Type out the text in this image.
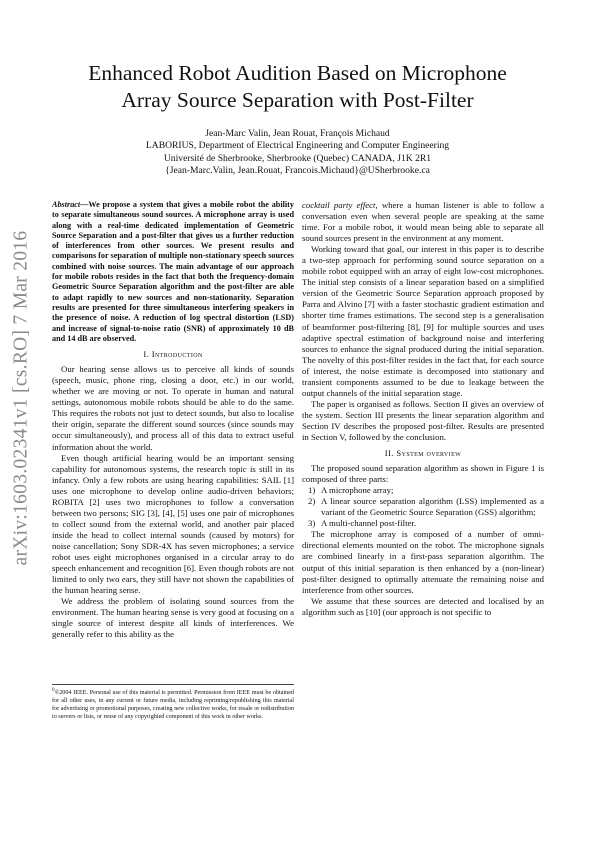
arXiv:1603.02341v1 [cs.RO] 7 Mar 2016
Enhanced Robot Audition Based on Microphone
Array Source Separation with Post-Filter
Jean-Marc Valin, Jean Rouat, François Michaud
LABORIUS, Department of Electrical Engineering and Computer Engineering
Université de Sherbrooke, Sherbrooke (Quebec) CANADA, J1K 2R1
{Jean-Marc.Valin, Jean.Rouat, Francois.Michaud}@USherbrooke.ca

Abstract—We propose a system that gives a mobile robot the ability to separate simultaneous sound sources. A microphone array is used along with a real-time dedicated implementation of Geometric Source Separation and a post-filter that gives us a further reduction of interferences from other sources. We present results and comparisons for separation of multiple non-stationary speech sources combined with noise sources. The main advantage of our approach for mobile robots resides in the fact that both the frequency-domain Geometric Source Separation algorithm and the post-filter are able to adapt rapidly to new sources and non-stationarity. Separation results are presented for three simultaneous interfering speakers in the presence of noise. A reduction of log spectral distortion (LSD) and increase of signal-to-noise ratio (SNR) of approximately 10 dB and 14 dB are observed.

I. Introduction

Our hearing sense allows us to perceive all kinds of sounds (speech, music, phone ring, closing a door, etc.) in our world, whether we are moving or not. To operate in human and natural settings, autonomous mobile robots should be able to do the same. This requires the robots not just to detect sounds, but also to localise their origin, separate the different sound sources (since sounds may occur simultaneously), and process all of this data to extract useful information about the world.

Even though artificial hearing would be an important sensing capability for autonomous systems, the research topic is still in its infancy. Only a few robots are using hearing capabilities: SAIL [1] uses one microphone to develop online audio-driven behaviors; ROBITA [2] uses two microphones to follow a conversation between two persons; SIG [3], [4], [5] uses one pair of microphones to collect sound from the external world, and another pair placed inside the head to collect internal sounds (caused by motors) for noise cancellation; Sony SDR-4X has seven microphones; a service robot uses eight microphones organised in a circular array to do speech enhancement and recognition [6]. Even though robots are not limited to only two ears, they still have not shown the capabilities of the human hearing sense.

We address the problem of isolating sound sources from the environment. The human hearing sense is very good at focusing on a single source of interest despite all kinds of interferences. We generally refer to this ability as the

cocktail party effect, where a human listener is able to follow a conversation even when several people are speaking at the same time. For a mobile robot, it would mean being able to separate all sound sources present in the environment at any moment.

Working toward that goal, our interest in this paper is to describe a two-step approach for performing sound source separation on a mobile robot equipped with an array of eight low-cost microphones. The initial step consists of a linear separation based on a simplified version of the Geometric Source Separation approach proposed by Parra and Alvino [7] with a faster stochastic gradient estimation and shorter time frames estimations. The second step is a generalisation of beamformer post-filtering [8], [9] for multiple sources and uses adaptive spectral estimation of background noise and interfering sources to enhance the signal produced during the initial separation. The novelty of this post-filter resides in the fact that, for each source of interest, the noise estimate is decomposed into stationary and transient components assumed to be due to leakage between the output channels of the initial separation stage.

The paper is organised as follows. Section II gives an overview of the system. Section III presents the linear separation algorithm and Section IV describes the proposed post-filter. Results are presented in Section V, followed by the conclusion.

II. System overview

The proposed sound separation algorithm as shown in Figure 1 is composed of three parts:

1) A microphone array;
2) A linear source separation algorithm (LSS) implemented as a variant of the Geometric Source Separation (GSS) algorithm;
3) A multi-channel post-filter.

The microphone array is composed of a number of omni-directional elements mounted on the robot. The microphone signals are combined linearly in a first-pass separation algorithm. The output of this initial separation is then enhanced by a (non-linear) post-filter designed to optimally attenuate the remaining noise and interference from other sources.

We assume that these sources are detected and localised by an algorithm such as [10] (our approach is not specific to

$^0$©2004 IEEE. Personal use of this material is permitted. Permission from IEEE must be obtained for all other uses, in any current or future media, including reprinting/republishing this material for advertising or promotional purposes, creating new collective works, for resale or redistribution to servers or lists, or reuse of any copyrighted component of this work in other works.
